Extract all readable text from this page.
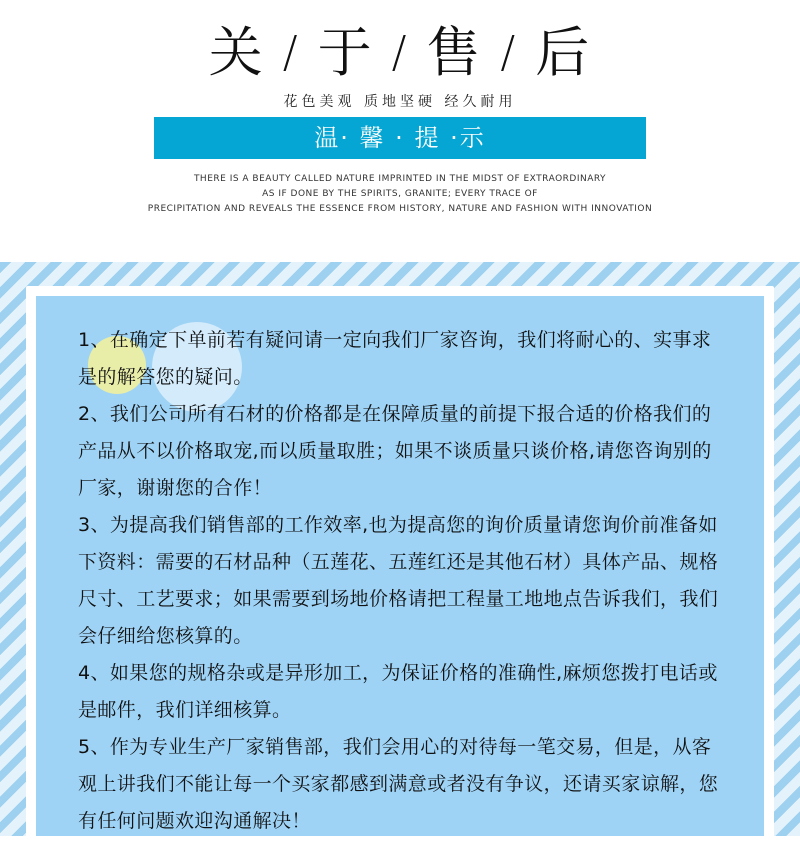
关 / 于 / 售 / 后
花色美观 质地坚硬 经久耐用
温· 馨 · 提 ·示
THERE IS A BEAUTY CALLED NATURE IMPRINTED IN THE MIDST OF EXTRAORDINARY
AS IF DONE BY THE SPIRITS, GRANITE; EVERY TRACE OF
PRECIPITATION AND REVEALS THE ESSENCE FROM HISTORY, NATURE AND FASHION WITH INNOVATION

1、在确定下单前若有疑问请一定向我们厂家咨询，我们将耐心的、实事求是的解答您的疑问。

2、我们公司所有石材的价格都是在保障质量的前提下报合适的价格我们的产品从不以价格取宠,而以质量取胜；如果不谈质量只谈价格,请您咨询别的厂家，谢谢您的合作！

3、为提高我们销售部的工作效率,也为提高您的询价质量请您询价前准备如下资料：需要的石材品种（五莲花、五莲红还是其他石材）具体产品、规格尺寸、工艺要求；如果需要到场地价格请把工程量工地地点告诉我们，我们会仔细给您核算的。

4、如果您的规格杂或是异形加工，为保证价格的准确性,麻烦您拨打电话或是邮件，我们详细核算。

5、作为专业生产厂家销售部，我们会用心的对待每一笔交易，但是，从客观上讲我们不能让每一个买家都感到满意或者没有争议，还请买家谅解，您有任何问题欢迎沟通解决！
